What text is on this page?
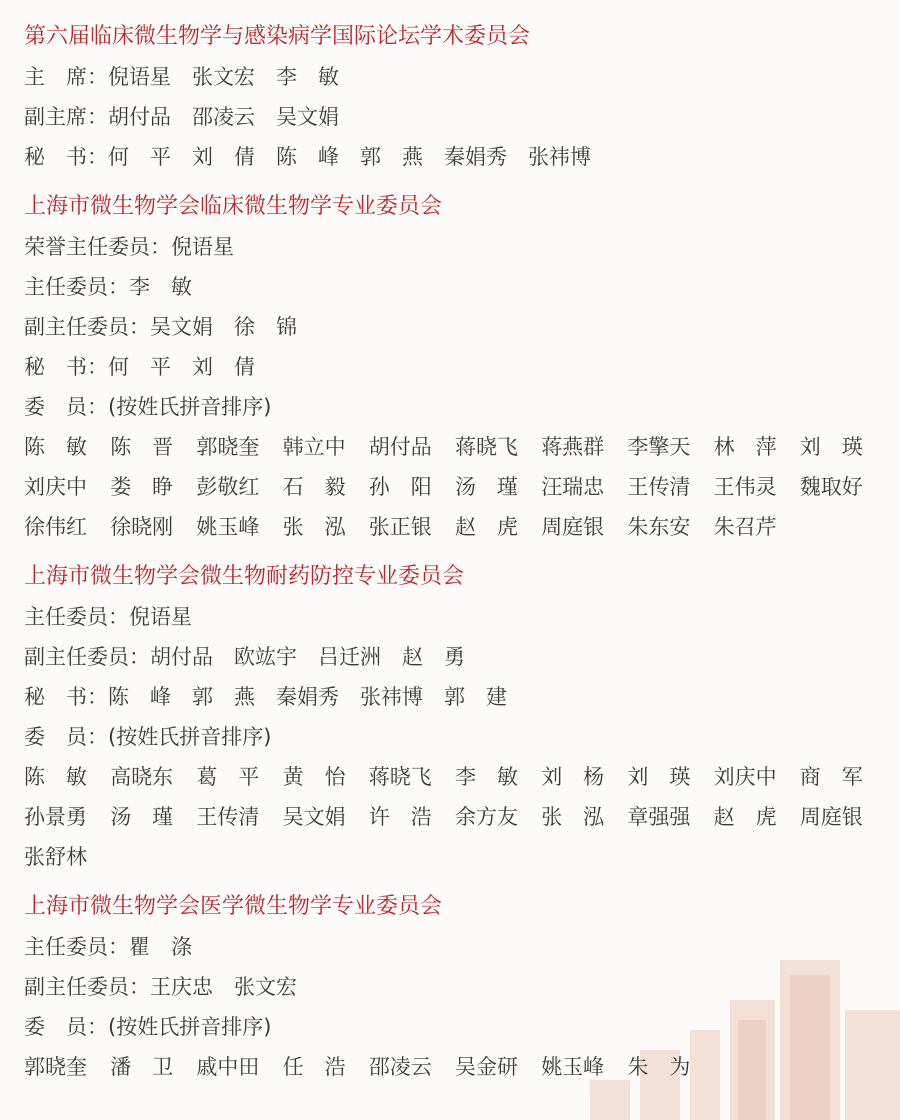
第六届临床微生物学与感染病学国际论坛学术委员会
主　席：倪语星　张文宏　李　敏
副主席：胡付品　邵凌云　吴文娟
秘　书：何　平　刘　倩　陈　峰　郭　燕　秦娟秀　张祎博
上海市微生物学会临床微生物学专业委员会
荣誉主任委员：倪语星
主任委员：李　敏
副主任委员：吴文娟　徐　锦
秘　书：何　平　刘　倩
委　员：(按姓氏拼音排序)
陈　敏	陈　晋	郭晓奎	韩立中	胡付品	蒋晓飞	蒋燕群	李擎天	林　萍	刘　瑛
刘庆中	娄　睁	彭敬红	石　毅	孙　阳	汤　瑾	汪瑞忠	王传清	王伟灵	魏取好
徐伟红	徐晓刚	姚玉峰	张　泓	张正银	赵　虎	周庭银	朱东安	朱召芹
上海市微生物学会微生物耐药防控专业委员会
主任委员：倪语星
副主任委员：胡付品　欧竑宇　吕迁洲　赵　勇
秘　书：陈　峰　郭　燕　秦娟秀　张祎博　郭　建
委　员：(按姓氏拼音排序)
陈　敏	高晓东	葛　平	黄　怡	蒋晓飞	李　敏	刘　杨	刘　瑛	刘庆中	商　军
孙景勇	汤　瑾	王传清	吴文娟	许　浩	余方友	张　泓	章强强	赵　虎	周庭银
张舒林
上海市微生物学会医学微生物学专业委员会
主任委员：瞿　涤
副主任委员：王庆忠　张文宏
委　员：(按姓氏拼音排序)
郭晓奎	潘　卫	戚中田	任　浩	邵凌云	吴金研	姚玉峰	朱　为
